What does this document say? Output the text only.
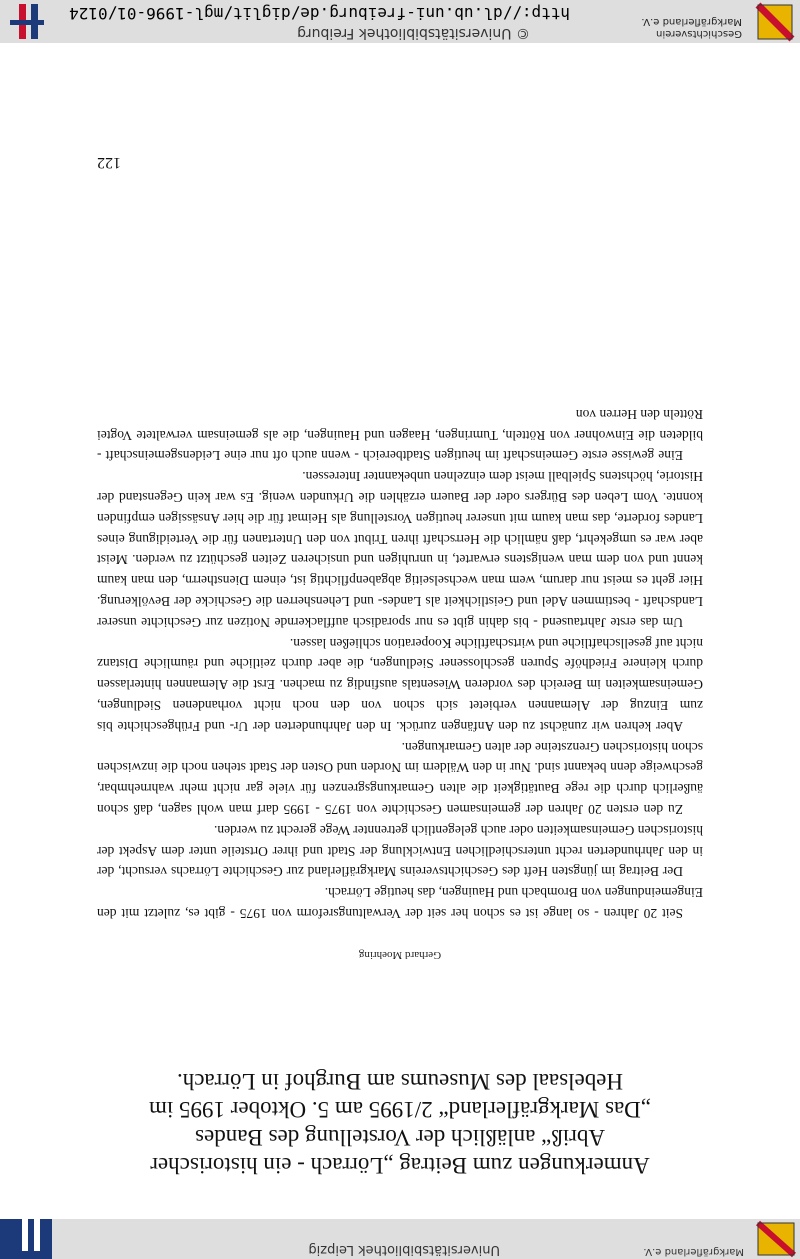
Markgräflerland e.V.
Universitätsbibliothek Leipzig
Anmerkungen zum Beitrag „Lörrach - ein historischer
Abriß“ anläßlich der Vorstellung des Bandes
„Das Markgräflerland“ 2/1995 am 5. Oktober 1995 im
Hebelsaal des Museums am Burghof in Lörrach.
Gerhard Moehring

Seit 20 Jahren - so lange ist es schon her seit der Verwaltungsreform von 1975 - gibt es, zuletzt mit den Eingemeindungen von Brombach und Hauingen, das heutige Lörrach.

Der Beitrag im jüngsten Heft des Geschichtsvereins Markgräflerland zur Geschichte Lörrachs versucht, der in den Jahrhunderten recht unterschiedlichen Entwicklung der Stadt und ihrer Ortsteile unter dem Aspekt der historischen Gemeinsamkeiten oder auch gelegentlich getrennter Wege gerecht zu werden.

Zu den ersten 20 Jahren der gemeinsamen Geschichte von 1975 - 1995 darf man wohl sagen, daß schon äußerlich durch die rege Bautätigkeit die alten Gemarkungsgrenzen für viele gar nicht mehr wahrnehmbar, geschweige denn bekannt sind. Nur in den Wäldern im Norden und Osten der Stadt stehen noch die inzwischen schon historischen Grenzsteine der alten Gemarkungen.

Aber kehren wir zunächst zu den Anfängen zurück. In den Jahrhunderten der Ur- und Frühgeschichte bis zum Einzug der Alemannen verbietet sich schon von den noch nicht vorhandenen Siedlungen, Gemeinsamkeiten im Bereich des vorderen Wiesentals ausfindig zu machen. Erst die Alemannen hinterlassen durch kleinere Friedhöfe Spuren geschlossener Siedlungen, die aber durch zeitliche und räumliche Distanz nicht auf gesellschaftliche und wirtschaftliche Kooperation schließen lassen.

Um das erste Jahrtausend - bis dahin gibt es nur sporadisch aufflackernde Notizen zur Geschichte unserer Landschaft - bestimmen Adel und Geistlichkeit als Landes- und Lehensherren die Geschicke der Bevölkerung. Hier geht es meist nur darum, wem man wechselseitig abgabenpflichtig ist, einem Dienstherrn, den man kaum kennt und von dem man wenigstens erwartet, in unruhigen und unsicheren Zeiten geschützt zu werden. Meist aber war es umgekehrt, daß nämlich die Herrschaft ihren Tribut von den Untertanen für die Verteidigung eines Landes forderte, das man kaum mit unserer heutigen Vorstellung als Heimat für die hier Ansässigen empfinden konnte. Vom Leben des Bürgers oder der Bauern erzählen die Urkunden wenig. Es war kein Gegenstand der Historie, höchstens Spielball meist dem einzelnen unbekannter Interessen.

Eine gewisse erste Gemeinschaft im heutigen Stadtbereich - wenn auch oft nur eine Leidensgemeinschaft - bildeten die Einwohner von Rötteln, Tumringen, Haagen und Hauingen, die als gemeinsam verwaltete Vogtei Rötteln den Herren von

122
Geschichtsverein
Markgräflerland e.V.
© Universitätsbibliothek Freiburg
http://dl.ub.uni-freiburg.de/diglit/mgl-1996-01/0124
